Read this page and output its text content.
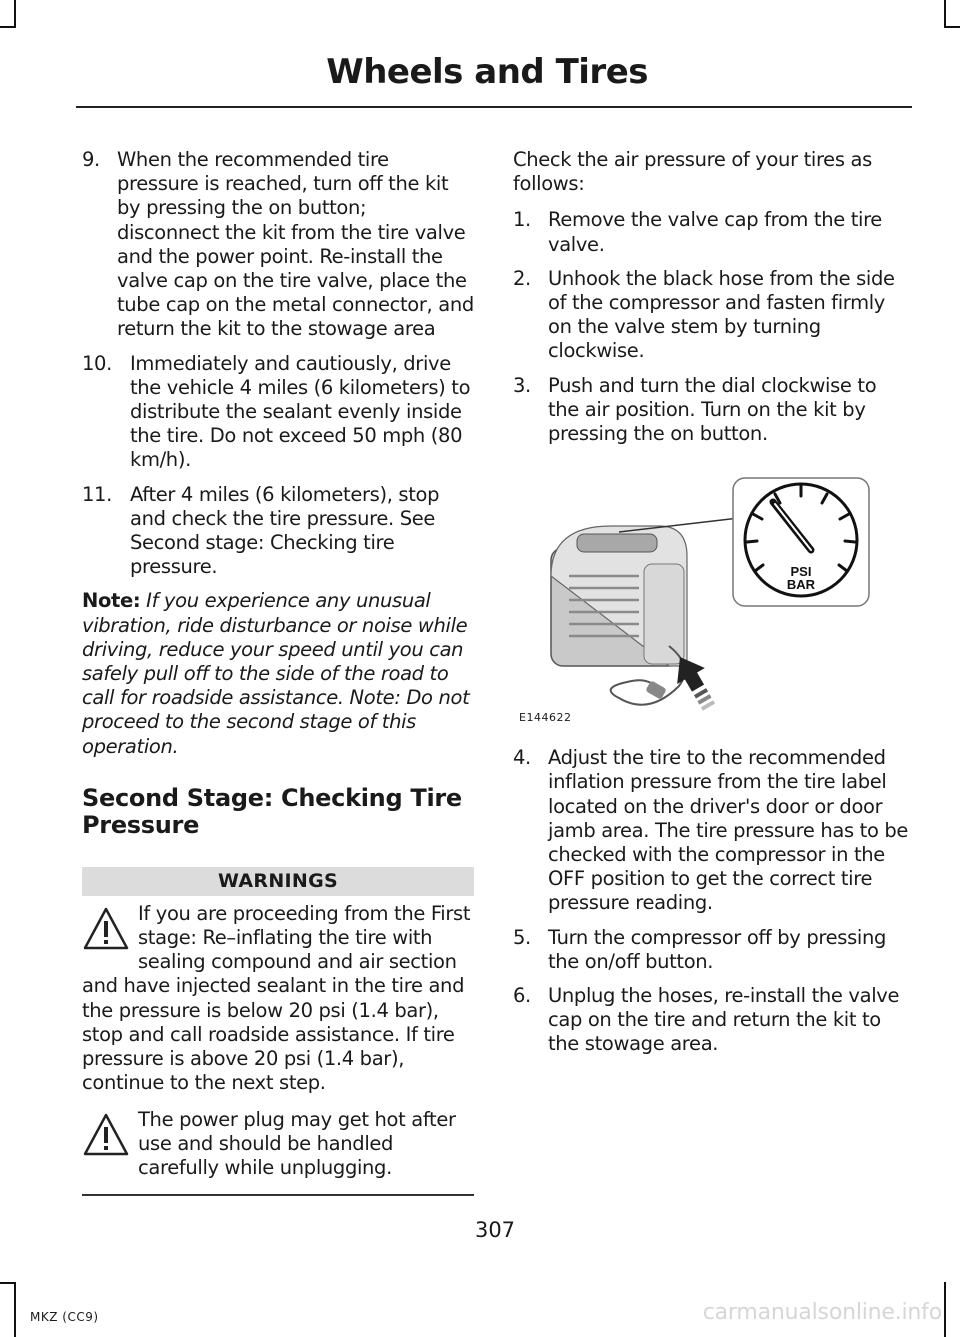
Wheels and Tires
9. When the recommended tire pressure is reached, turn off the kit by pressing the on button; disconnect the kit from the tire valve and the power point. Re-install the valve cap on the tire valve, place the tube cap on the metal connector, and return the kit to the stowage area
10. Immediately and cautiously, drive the vehicle 4 miles (6 kilometers) to distribute the sealant evenly inside the tire. Do not exceed 50 mph (80 km/h).
11. After 4 miles (6 kilometers), stop and check the tire pressure. See Second stage: Checking tire pressure.
Note: If you experience any unusual vibration, ride disturbance or noise while driving, reduce your speed until you can safely pull off to the side of the road to call for roadside assistance. Note: Do not proceed to the second stage of this operation.
Second Stage: Checking Tire Pressure
WARNINGS
If you are proceeding from the First stage: Re–inflating the tire with sealing compound and air section and have injected sealant in the tire and the pressure is below 20 psi (1.4 bar), stop and call roadside assistance. If tire pressure is above 20 psi (1.4 bar), continue to the next step.
The power plug may get hot after use and should be handled carefully while unplugging.

Check the air pressure of your tires as follows:

1. Remove the valve cap from the tire valve.
2. Unhook the black hose from the side of the compressor and fasten firmly on the valve stem by turning clockwise.
3. Push and turn the dial clockwise to the air position. Turn on the kit by pressing the on button.
PSI
BAR
E144622
4. Adjust the tire to the recommended inflation pressure from the tire label located on the driver's door or door jamb area. The tire pressure has to be checked with the compressor in the OFF position to get the correct tire pressure reading.
5. Turn the compressor off by pressing the on/off button.
6. Unplug the hoses, re-install the valve cap on the tire and return the kit to the stowage area.
307
MKZ (CC9)	carmanualsonline.info
